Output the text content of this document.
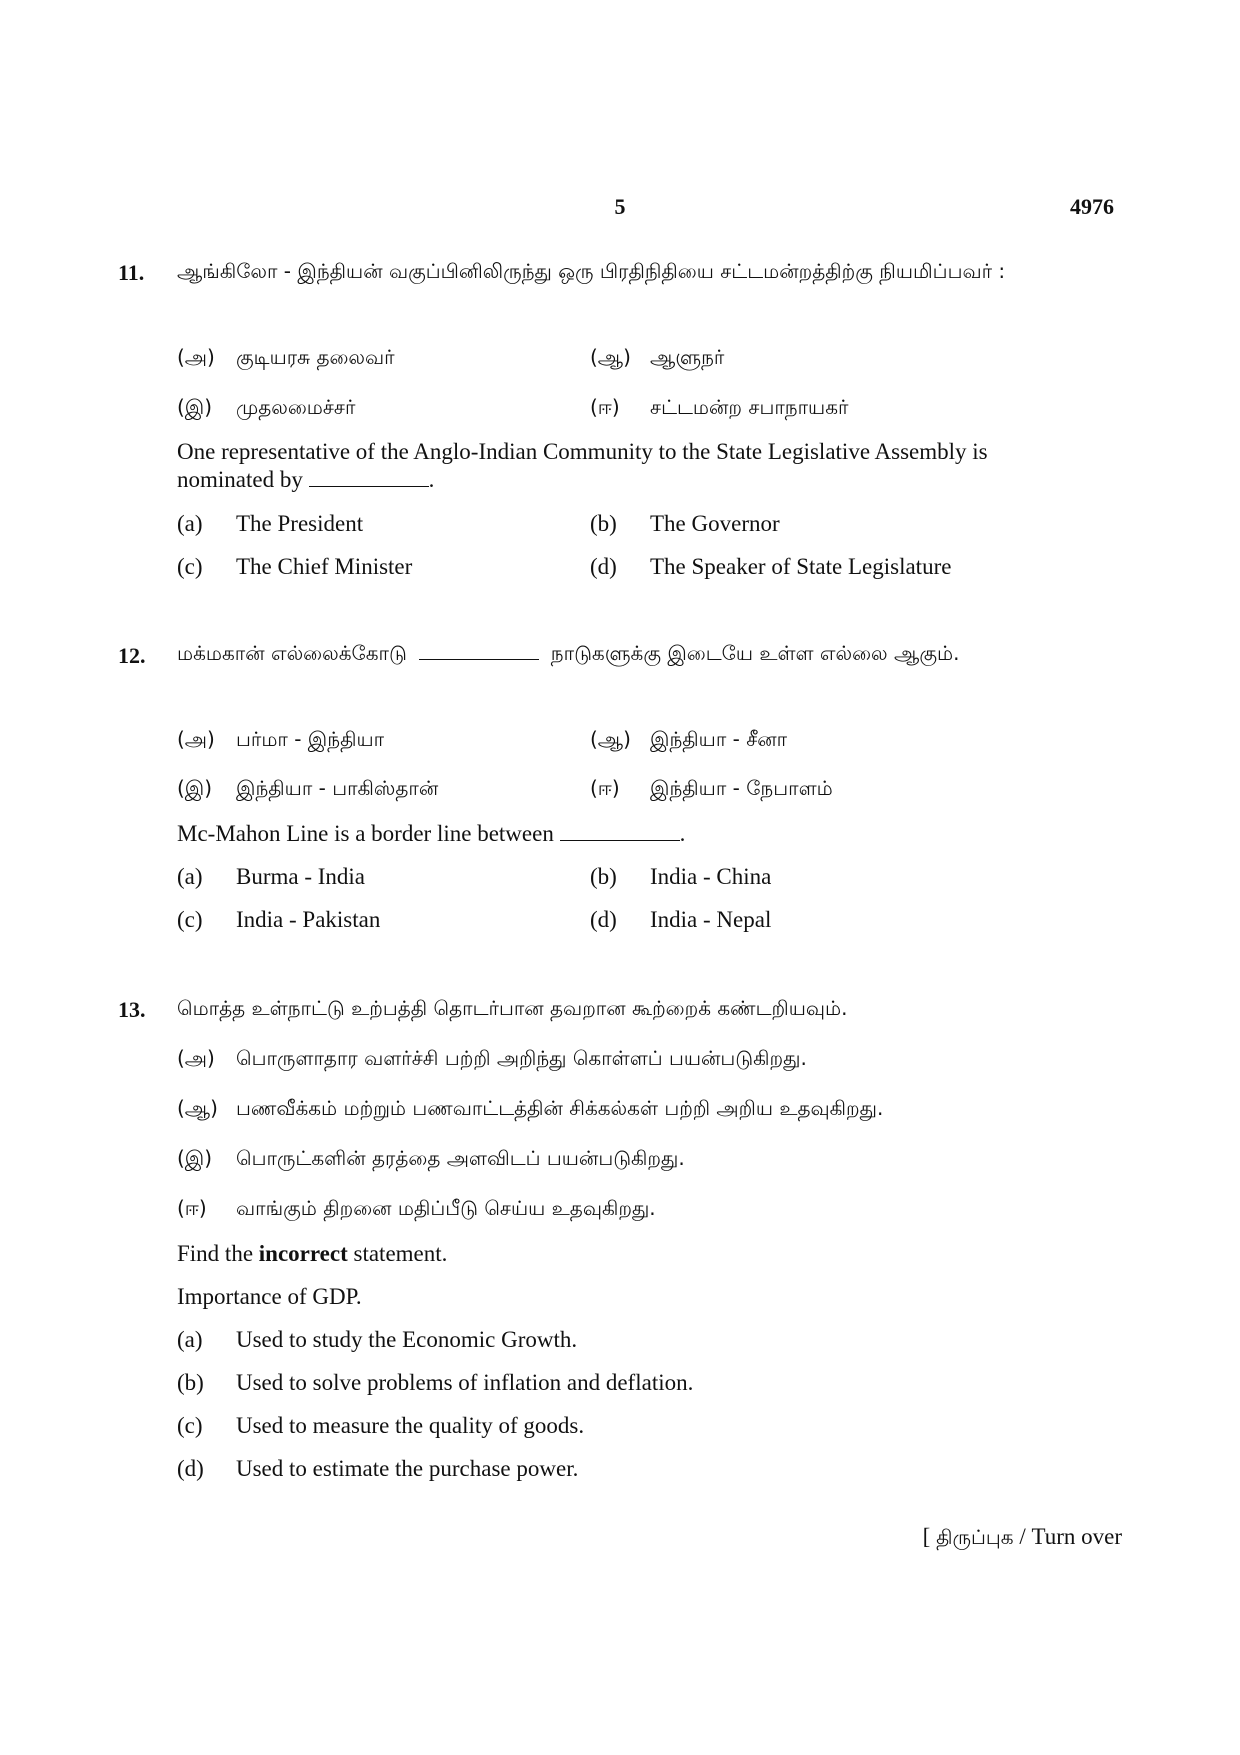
5	4976
11. ஆங்கிலோ - இந்தியன் வகுப்பினிலிருந்து ஒரு பிரதிநிதியை சட்டமன்றத்திற்கு நியமிப்பவர் :
(அ) குடியரசு தலைவர்	(ஆ) ஆளுநர்
(இ) முதலமைச்சர்	(ஈ) சட்டமன்ற சபாநாயகர்
One representative of the Anglo-Indian Community to the State Legislative Assembly is nominated by	.
(a) The President	(b) The Governor
(c) The Chief Minister	(d) The Speaker of State Legislature
12. மக்மகான் எல்லைக்கோடு	நாடுகளுக்கு இடையே உள்ள எல்லை ஆகும்.
(அ) பர்மா - இந்தியா	(ஆ) இந்தியா - சீனா
(இ) இந்தியா - பாகிஸ்தான்	(ஈ) இந்தியா - நேபாளம்
Mc-Mahon Line is a border line between	.
(a) Burma - India	(b) India - China
(c) India - Pakistan	(d) India - Nepal
13. மொத்த உள்நாட்டு உற்பத்தி தொடர்பான தவறான கூற்றைக் கண்டறியவும்.
(அ) பொருளாதார வளர்ச்சி பற்றி அறிந்து கொள்ளப் பயன்படுகிறது.
(ஆ) பணவீக்கம் மற்றும் பணவாட்டத்தின் சிக்கல்கள் பற்றி அறிய உதவுகிறது.
(இ) பொருட்களின் தரத்தை அளவிடப் பயன்படுகிறது.
(ஈ) வாங்கும் திறனை மதிப்பீடு செய்ய உதவுகிறது.
Find the incorrect statement.
Importance of GDP.
(a) Used to study the Economic Growth.
(b) Used to solve problems of inflation and deflation.
(c) Used to measure the quality of goods.
(d) Used to estimate the purchase power.
[ திருப்புக / Turn over
